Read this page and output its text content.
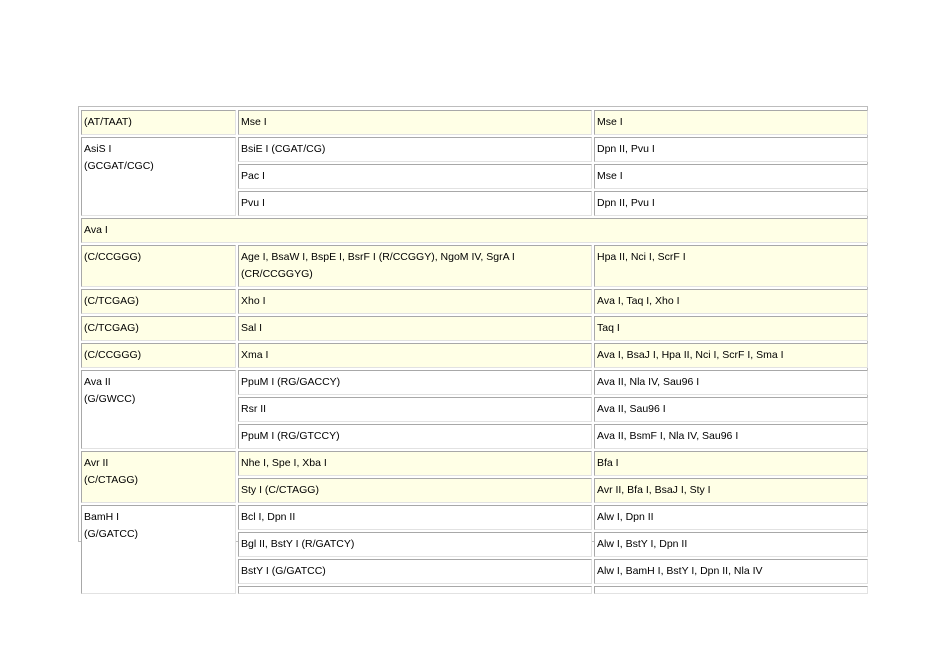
(AT/TAAT)	Mse I	Mse I

AsiS I
(GCGAT/CGC)	BsiE I (CGAT/CG)	Dpn II, Pvu I
	Pac I	Mse I
	Pvu I	Dpn II, Pvu I
Ava I		

(C/CCGGG)	Age I, BsaW I, BspE I, BsrF I (R/CCGGY), NgoM IV, SgrA I (CR/CCGGYG)	Hpa II, Nci I, ScrF I

(C/TCGAG)	Xho I	Ava I, Taq I, Xho I

(C/TCGAG)	Sal I	Taq I

(C/CCGGG)	Xma I	Ava I, BsaJ I, Hpa II, Nci I, ScrF I, Sma I

Ava II
(G/GWCC)	PpuM I (RG/GACCY)	Ava II, Nla IV, Sau96 I
	Rsr II	Ava II, Sau96 I
	PpuM I (RG/GTCCY)	Ava II, BsmF I, Nla IV, Sau96 I

Avr II
(C/CTAGG)	Nhe I, Spe I, Xba I	Bfa I
	Sty I (C/CTAGG)	Avr II, Bfa I, BsaJ I, Sty I

BamH I
(G/GATCC)	Bcl I, Dpn II	Alw I, Dpn II
	Bgl II, BstY I (R/GATCY)	Alw I, BstY I, Dpn II
	BstY I (G/GATCC)	Alw I, BamH I, BstY I, Dpn II, Nla IV
